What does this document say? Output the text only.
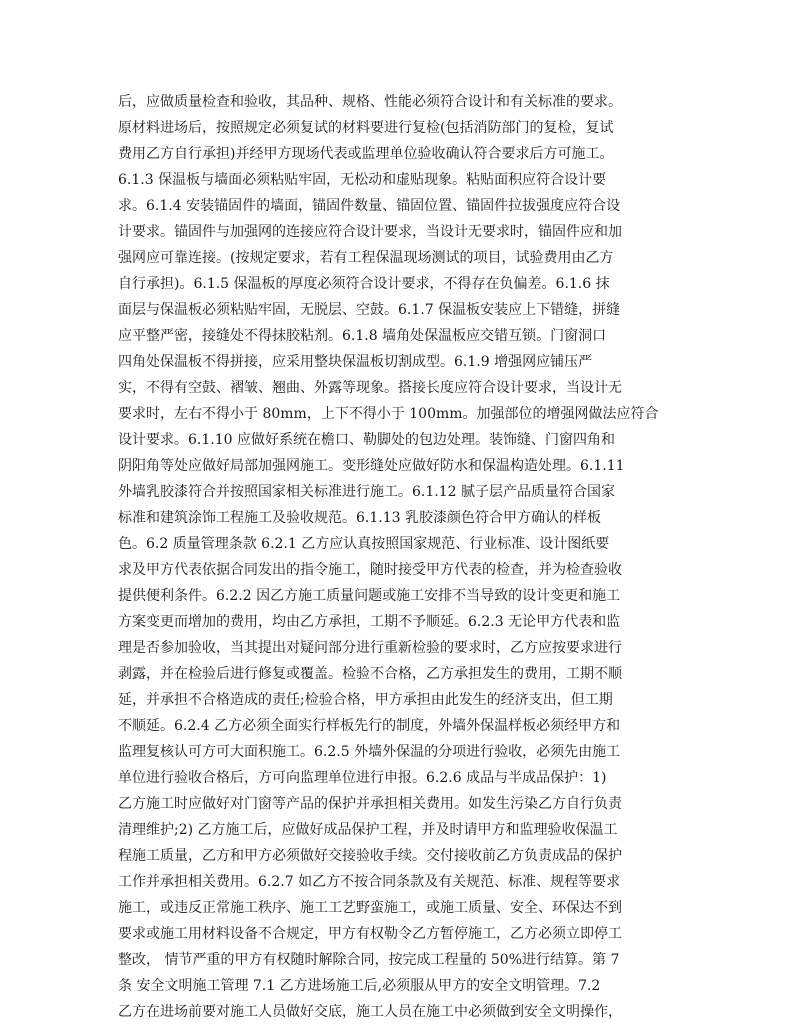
后，应做质量检查和验收，其品种、规格、性能必须符合设计和有关标准的要求。
原材料进场后，按照规定必须复试的材料要进行复检(包括消防部门的复检，复试
费用乙方自行承担)并经甲方现场代表或监理单位验收确认符合要求后方可施工。
6.1.3 保温板与墙面必须粘贴牢固，无松动和虚贴现象。粘贴面积应符合设计要
求。6.1.4 安装锚固件的墙面，锚固件数量、锚固位置、锚固件拉拔强度应符合设
计要求。锚固件与加强网的连接应符合设计要求，当设计无要求时，锚固件应和加
强网应可靠连接。(按规定要求，若有工程保温现场测试的项目，试验费用由乙方
自行承担)。6.1.5 保温板的厚度必须符合设计要求，不得存在负偏差。6.1.6 抹
面层与保温板必须粘贴牢固，无脱层、空鼓。6.1.7 保温板安装应上下错缝，拼缝
应平整严密，接缝处不得抹胶粘剂。6.1.8 墙角处保温板应交错互锁。门窗洞口
四角处保温板不得拼接，应采用整块保温板切割成型。6.1.9 增强网应铺压严
实，不得有空鼓、褶皱、翘曲、外露等现象。搭接长度应符合设计要求，当设计无
要求时，左右不得小于 80mm，上下不得小于 100mm。加强部位的增强网做法应符合
设计要求。6.1.10 应做好系统在檐口、勒脚处的包边处理。装饰缝、门窗四角和
阴阳角等处应做好局部加强网施工。变形缝处应做好防水和保温构造处理。6.1.11
外墙乳胶漆符合并按照国家相关标准进行施工。6.1.12 腻子层产品质量符合国家
标准和建筑涂饰工程施工及验收规范。6.1.13 乳胶漆颜色符合甲方确认的样板
色。6.2 质量管理条款 6.2.1 乙方应认真按照国家规范、行业标准、设计图纸要
求及甲方代表依据合同发出的指令施工，随时接受甲方代表的检查，并为检查验收
提供便利条件。6.2.2 因乙方施工质量问题或施工安排不当导致的设计变更和施工
方案变更而增加的费用，均由乙方承担，工期不予顺延。6.2.3 无论甲方代表和监
理是否参加验收，当其提出对疑问部分进行重新检验的要求时，乙方应按要求进行
剥露，并在检验后进行修复或覆盖。检验不合格，乙方承担发生的费用，工期不顺
延，并承担不合格造成的责任;检验合格，甲方承担由此发生的经济支出，但工期
不顺延。6.2.4 乙方必须全面实行样板先行的制度，外墙外保温样板必须经甲方和
监理复核认可方可大面积施工。6.2.5 外墙外保温的分项进行验收，必须先由施工
单位进行验收合格后，方可向监理单位进行申报。6.2.6 成品与半成品保护：1)
乙方施工时应做好对门窗等产品的保护并承担相关费用。如发生污染乙方自行负责
清理维护;2) 乙方施工后，应做好成品保护工程，并及时请甲方和监理验收保温工
程施工质量，乙方和甲方必须做好交接验收手续。交付接收前乙方负责成品的保护
工作并承担相关费用。6.2.7 如乙方不按合同条款及有关规范、标准、规程等要求
施工，或违反正常施工秩序、施工工艺野蛮施工，或施工质量、安全、环保达不到
要求或施工用材料设备不合规定，甲方有权勒令乙方暂停施工，乙方必须立即停工
整改， 情节严重的甲方有权随时解除合同，按完成工程量的 50%进行结算。第 7
条 安全文明施工管理 7.1 乙方进场施工后,必须服从甲方的安全文明管理。7.2
乙方在进场前要对施工人员做好交底，施工人员在施工中必须做到安全文明操作，
